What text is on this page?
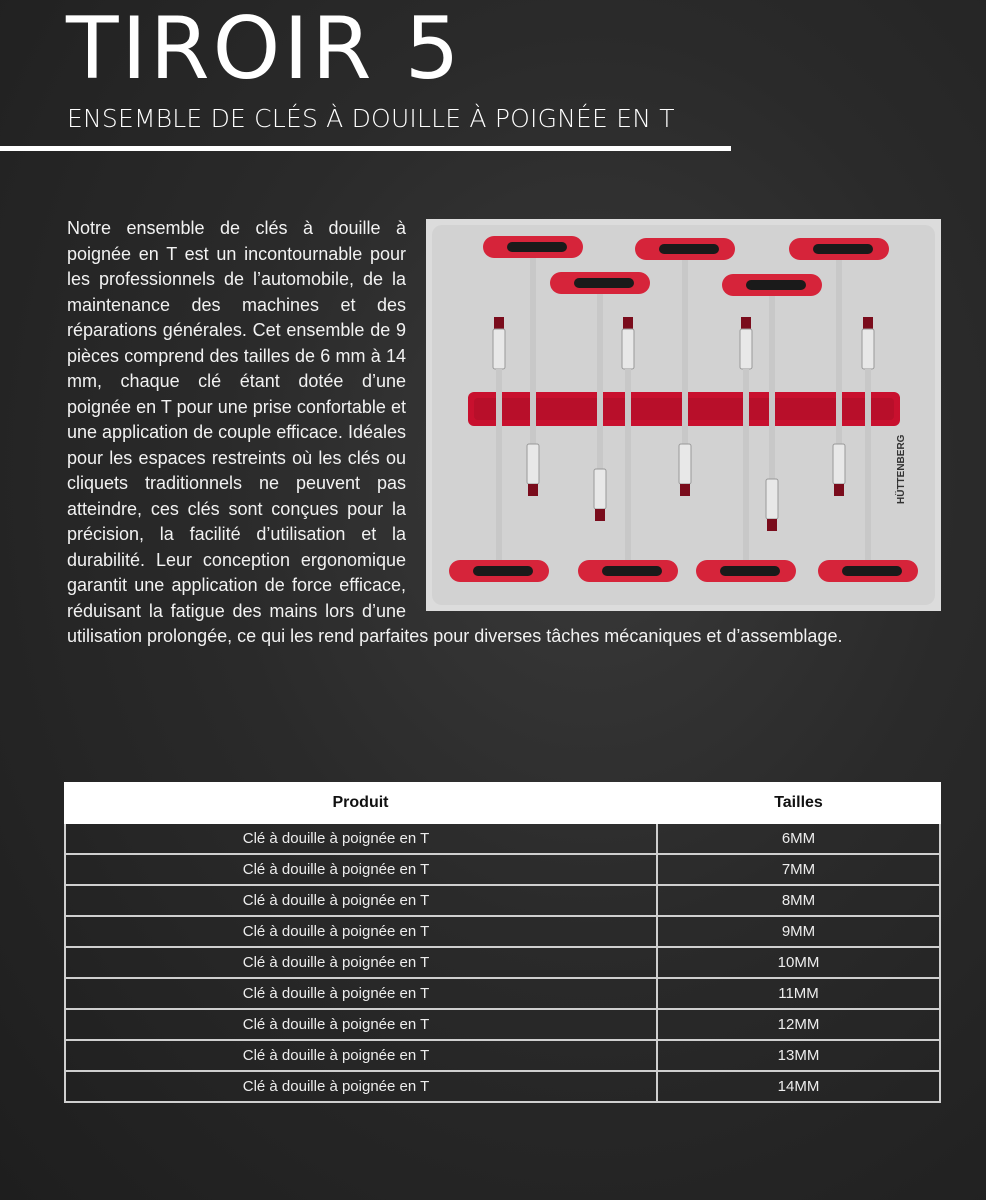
TIROIR 5
ENSEMBLE DE CLÉS À DOUILLE À POIGNÉE EN T
HÜTTENBERG

Notre ensemble de clés à douille à poignée en T est un incontournable pour les professionnels de l’automobile, de la maintenance des machines et des réparations générales. Cet ensemble de 9 pièces comprend des tailles de 6 mm à 14 mm, chaque clé étant dotée d’une poignée en T pour une prise confortable et une application de couple efficace. Idéales pour les espaces restreints où les clés ou cliquets traditionnels ne peuvent pas atteindre, ces clés sont conçues pour la précision, la facilité d’utilisation et la durabilité. Leur conception ergonomique garantit une application de force efficace, réduisant la fatigue des mains lors d’une utilisation prolongée, ce qui les rend parfaites pour diverses tâches mécaniques et d’assemblage.

Produit	Tailles
Clé à douille à poignée en T	6MM
Clé à douille à poignée en T	7MM
Clé à douille à poignée en T	8MM
Clé à douille à poignée en T	9MM
Clé à douille à poignée en T	10MM
Clé à douille à poignée en T	11MM
Clé à douille à poignée en T	12MM
Clé à douille à poignée en T	13MM
Clé à douille à poignée en T	14MM
